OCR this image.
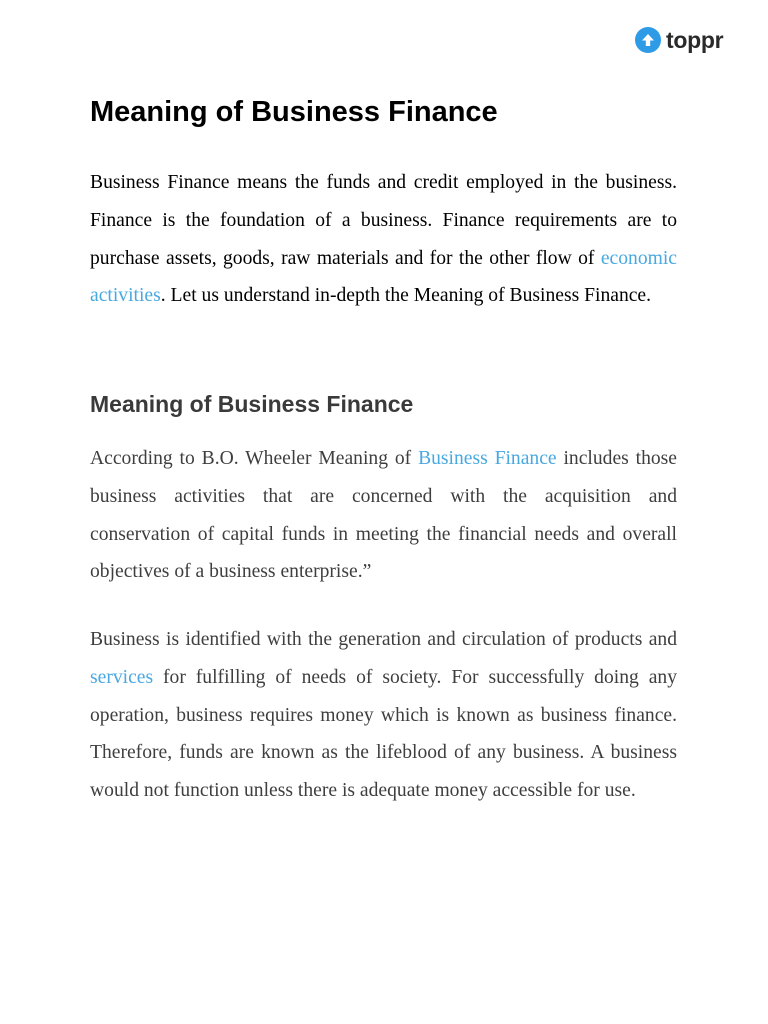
toppr
Meaning of Business Finance

Business Finance means the funds and credit employed in the business. Finance is the foundation of a business. Finance requirements are to purchase assets, goods, raw materials and for the other flow of economic activities. Let us understand in-depth the Meaning of Business Finance.

Meaning of Business Finance

According to B.O. Wheeler Meaning of Business Finance includes those business activities that are concerned with the acquisition and conservation of capital funds in meeting the financial needs and overall objectives of a business enterprise.”

Business is identified with the generation and circulation of products and services for fulfilling of needs of society. For successfully doing any operation, business requires money which is known as business finance. Therefore, funds are known as the lifeblood of any business. A business would not function unless there is adequate money accessible for use.
